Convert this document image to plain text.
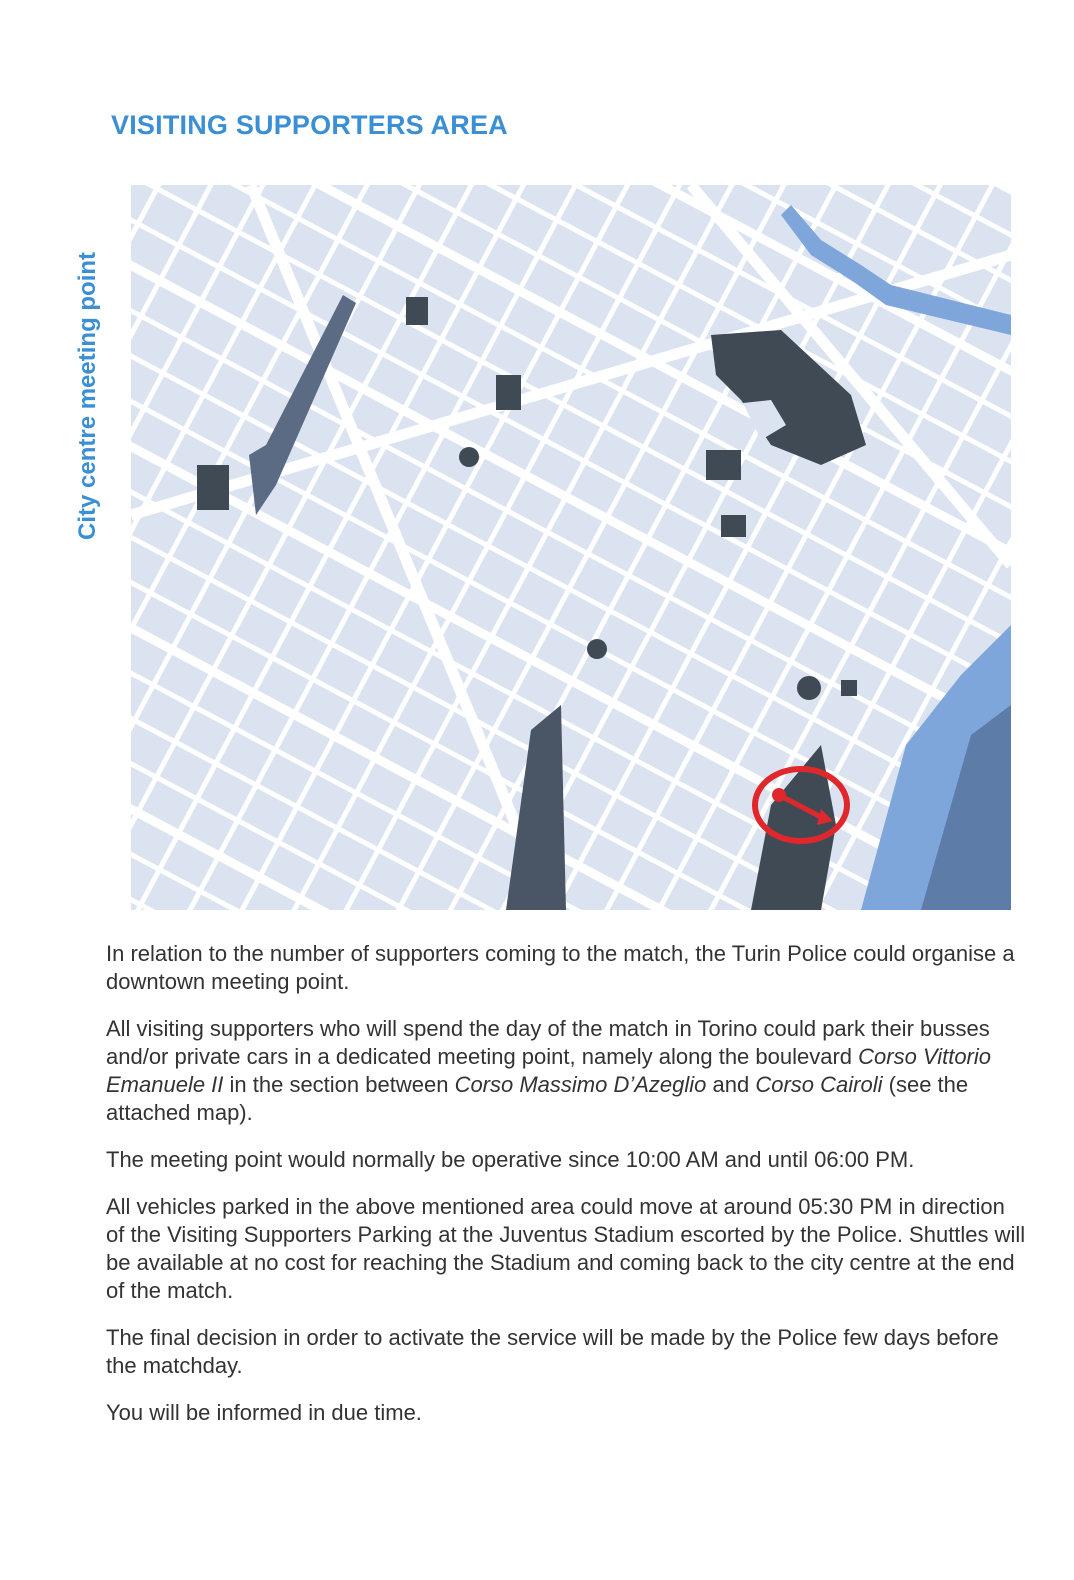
VISITING SUPPORTERS AREA
City centre meeting point

In relation to the number of supporters coming to the match, the Turin Police could organise a downtown meeting point.

All visiting supporters who will spend the day of the match in Torino could park their busses and/or private cars in a dedicated meeting point, namely along the boulevard Corso Vittorio Emanuele II in the section between Corso Massimo D’Azeglio and Corso Cairoli (see the attached map).

The meeting point would normally be operative since 10:00 AM and until 06:00 PM.

All vehicles parked in the above mentioned area could move at around 05:30 PM in direction of the Visiting Supporters Parking at the Juventus Stadium escorted by the Police. Shuttles will be available at no cost for reaching the Stadium and coming back to the city centre at the end of the match.

The final decision in order to activate the service will be made by the Police few days before the matchday.

You will be informed in due time.
